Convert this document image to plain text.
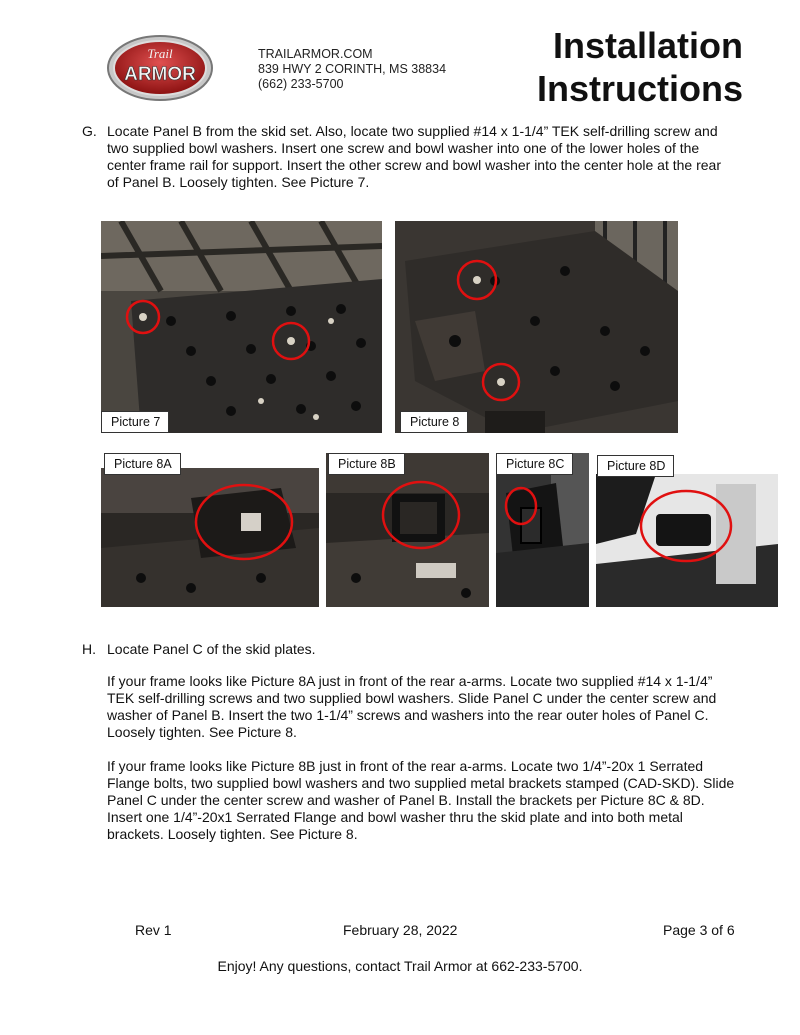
Trail
ARMOR
TRAILARMOR.COM
839 HWY 2 CORINTH, MS 38834
(662) 233-5700
Installation
Instructions
G. Locate Panel B from the skid set. Also, locate two supplied #14 x 1-1/4” TEK self-drilling screw and
two supplied bowl washers. Insert one screw and bowl washer into one of the lower holes of the
center frame rail for support. Insert the other screw and bowl washer into the center hole at the rear
of Panel B. Loosely tighten. See Picture 7.
Picture 7	Picture 8
Picture 8A	Picture 8B	Picture 8C	Picture 8D
H. Locate Panel C of the skid plates.
If your frame looks like Picture 8A just in front of the rear a-arms. Locate two supplied #14 x 1-1/4”
TEK self-drilling screws and two supplied bowl washers. Slide Panel C under the center screw and
washer of Panel B. Insert the two 1-1/4” screws and washers into the rear outer holes of Panel C.
Loosely tighten. See Picture 8.
If your frame looks like Picture 8B just in front of the rear a-arms. Locate two 1/4”-20x 1 Serrated
Flange bolts, two supplied bowl washers and two supplied metal brackets stamped (CAD-SKD). Slide
Panel C under the center screw and washer of Panel B. Install the brackets per Picture 8C & 8D.
Insert one 1/4”-20x1 Serrated Flange and bowl washer thru the skid plate and into both metal
brackets. Loosely tighten. See Picture 8.
Rev 1	February 28, 2022	Page 3 of 6
Enjoy! Any questions, contact Trail Armor at 662-233-5700.
